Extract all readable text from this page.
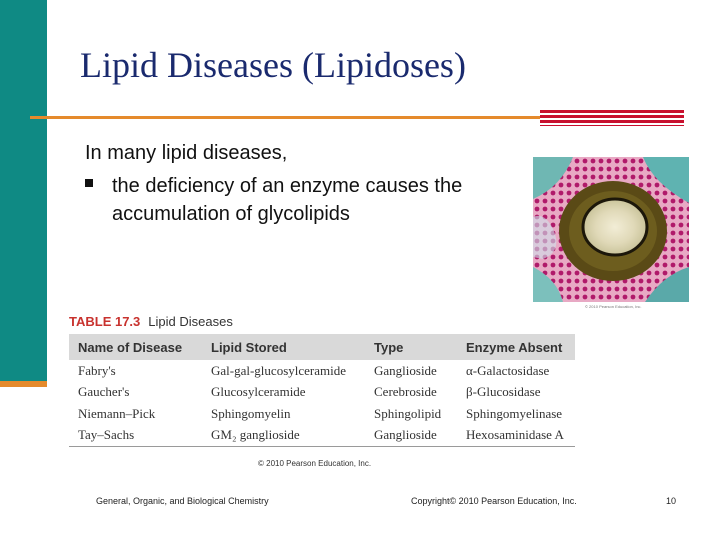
Lipid Diseases (Lipidoses)
In many lipid diseases,
the deficiency of an enzyme causes the accumulation of glycolipids
© 2010 Pearson Education, Inc.
TABLE 17.3 Lipid Diseases
Name of Disease	Lipid Stored	Type	Enzyme Absent
Fabry's	Gal-gal-glucosylceramide	Ganglioside	α-Galactosidase
Gaucher's	Glucosylceramide	Cerebroside	β-Glucosidase
Niemann–Pick	Sphingomyelin	Sphingolipid	Sphingomyelinase
Tay–Sachs	GM₂ ganglioside	Ganglioside	Hexosaminidase A
© 2010 Pearson Education, Inc.
General, Organic, and Biological Chemistry	Copyright© 2010 Pearson Education, Inc.	10
